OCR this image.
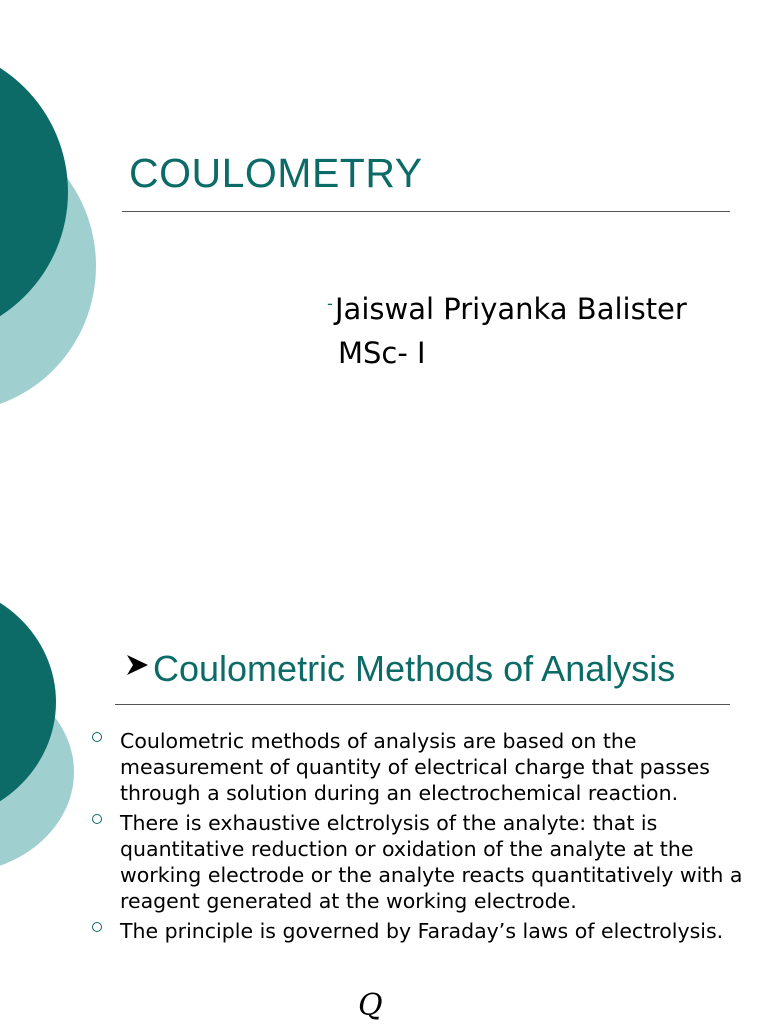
COULOMETRY
- Jaiswal Priyanka Balister
MSc- I
Coulometric Methods of Analysis
Coulometric methods of analysis are based on the measurement of quantity of electrical charge that passes through a solution during an electrochemical reaction.
There is exhaustive elctrolysis of the analyte: that is quantitative reduction or oxidation of the analyte at the working electrode or the analyte reacts quantitatively with a reagent generated at the working electrode.
The principle is governed by Faraday’s laws of electrolysis.
Q
